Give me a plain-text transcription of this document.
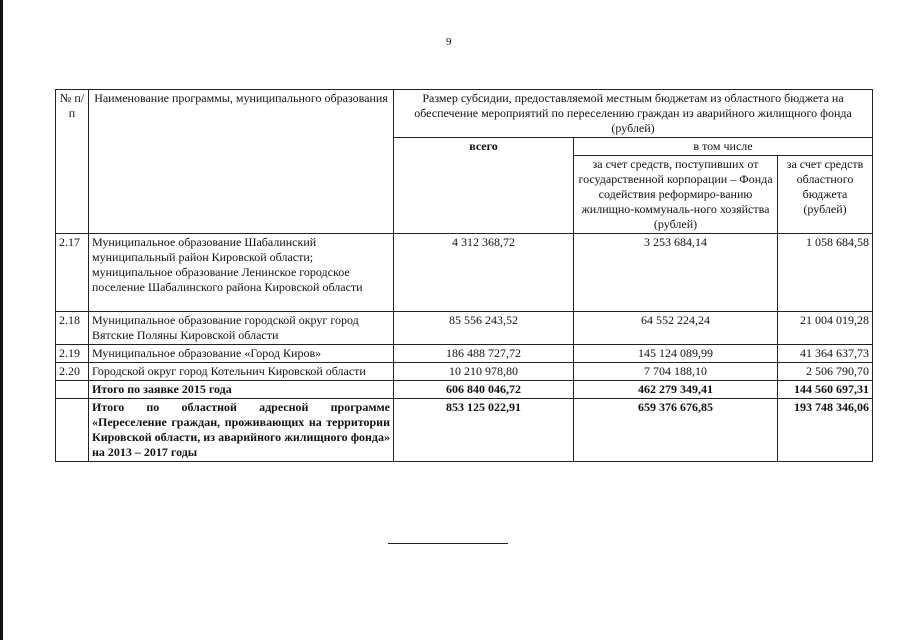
9
№ п/п	Наименование программы, муниципального образования	Размер субсидии, предоставляемой местным бюджетам из областного бюджета на обеспечение мероприятий по переселению граждан из аварийного жилищного фонда (рублей)		
		всего	в том числе	
			за счет средств, поступивших от государственной корпорации – Фонда содействия реформиро-ванию жилищно-коммуналь-ного хозяйства (рублей)	за счет средств областного бюджета (рублей)
2.17	Муниципальное образование Шабалинский муниципальный район Кировской области; муниципальное образование Ленинское городское поселение Шабалинского района Кировской области	4 312 368,72	3 253 684,14	1 058 684,58
2.18	Муниципальное образование городской округ город Вятские Поляны Кировской области	85 556 243,52	64 552 224,24	21 004 019,28
2.19	Муниципальное образование «Город Киров»	186 488 727,72	145 124 089,99	41 364 637,73
2.20	Городской округ город Котельнич Кировской области	10 210 978,80	7 704 188,10	2 506 790,70
	Итого по заявке 2015 года	606 840 046,72	462 279 349,41	144 560 697,31
	Итого по областной адресной программе «Переселение граждан, проживающих на территории Кировской области, из аварийного жилищного фонда» на 2013 – 2017 годы	853 125 022,91	659 376 676,85	193 748 346,06
